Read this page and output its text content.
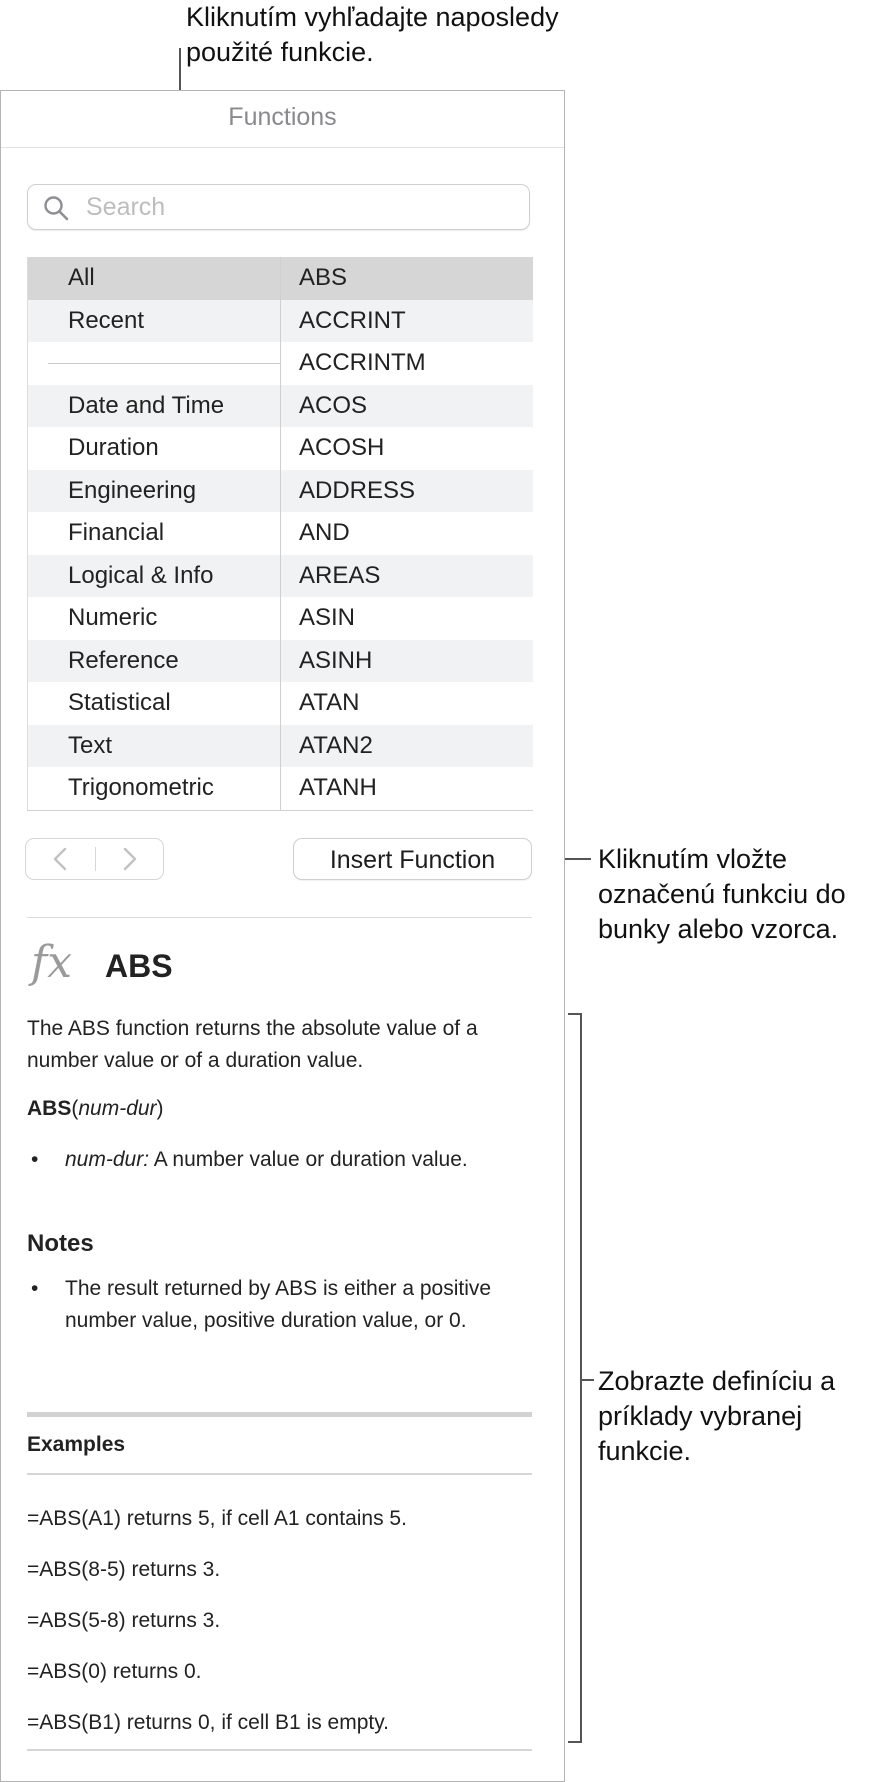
Kliknutím vyhľadajte naposledy použité funkcie.
Kliknutím vložte označenú funkciu do bunky alebo vzorca.
Zobrazte definíciu a príklady vybranej funkcie.
Functions
Search
All
Recent
Date and Time
Duration
Engineering
Financial
Logical & Info
Numeric
Reference
Statistical
Text
Trigonometric
ABS
ACCRINT
ACCRINTM
ACOS
ACOSH
ADDRESS
AND
AREAS
ASIN
ASINH
ATAN
ATAN2
ATANH
Insert Function
fx ABS
The ABS function returns the absolute value of a number value or of a duration value.
ABS(num-dur)
• num-dur: A number value or duration value.
Notes
• The result returned by ABS is either a positive number value, positive duration value, or 0.
Examples
=ABS(A1) returns 5, if cell A1 contains 5.
=ABS(8-5) returns 3.
=ABS(5-8) returns 3.
=ABS(0) returns 0.
=ABS(B1) returns 0, if cell B1 is empty.
